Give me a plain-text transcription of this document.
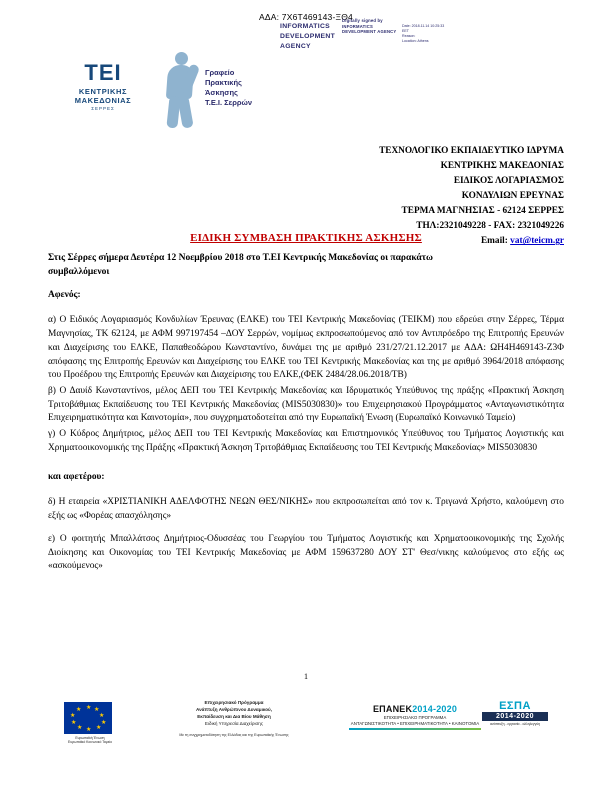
ΑΔΑ: 7Χ6Τ469143-ΞΘ4
ΤΕΙ
ΚΕΝΤΡΙΚΗΣ
ΜΑΚΕΔΟΝΙΑΣ
ΣΕΡΡΕΣ
Γραφείο
Πρακτικής
Άσκησης
Τ.Ε.Ι. Σερρών
INFORMATICS
DEVELOPMENT
AGENCY
Digitally signed by
INFORMATICS
DEVELOPMENT AGENCY
Date: 2018.11.14 10:25:33
EET
Reason:
Location: Athens
ΤΕΧΝΟΛΟΓΙΚΟ ΕΚΠΑΙΔΕΥΤΙΚΟ ΙΔΡΥΜΑ
ΚΕΝΤΡΙΚΗΣ ΜΑΚΕΔΟΝΙΑΣ
ΕΙΔΙΚΟΣ ΛΟΓΑΡΙΑΣΜΟΣ
ΚΟΝΔΥΛΙΩΝ ΕΡΕΥΝΑΣ
ΤΕΡΜΑ ΜΑΓΝΗΣΙΑΣ - 62124 ΣΕΡΡΕΣ
ΤΗΛ:2321049228 - FAX: 2321049226
Email: vat@teicm.gr
ΕΙΔΙΚΗ ΣΥΜΒΑΣΗ ΠΡΑΚΤΙΚΗΣ ΑΣΚΗΣΗΣ
Στις Σέρρες σήμερα Δευτέρα 12 Νοεμβρίου 2018 στο Τ.ΕΙ Κεντρικής Μακεδονίας οι παρακάτω
συμβαλλόμενοι
Αφενός:
α) Ο Ειδικός Λογαριασμός Κονδυλίων Έρευνας (ΕΛΚΕ) του ΤΕΙ Κεντρικής Μακεδονίας (ΤΕΙΚΜ) που εδρεύει στην Σέρρες, Τέρμα Μαγνησίας, ΤΚ 62124, με ΑΦΜ 997197454 –ΔΟΥ Σερρών, νομίμως εκπροσωπούμενος από τον Αντιπρόεδρο της Επιτροπής Ερευνών και Διαχείρισης του ΕΛΚΕ, Παπαθεοδώρου Κωνσταντίνο, δυνάμει της με αριθμό 231/27/21.12.2017 με ΑΔΑ: ΩΗ4Η469143-Ζ3Φ απόφασης της Επιτροπής Ερευνών και Διαχείρισης του ΕΛΚΕ του ΤΕΙ Κεντρικής Μακεδονίας και της με αριθμό 3964/2018 απόφασης του Προέδρου της Επιτροπής Ερευνών και Διαχείρισης του ΕΛΚΕ,(ΦΕΚ 2484/28.06.2018/ΤΒ)
β) Ο Δαυίδ Κωνσταντίνοs, μέλος ΔΕΠ του ΤΕΙ Κεντρικής Μακεδονίας και Ιδρυματικός Υπεύθυνος της πράξης «Πρακτική Άσκηση Τριτοβάθμιας Εκπαίδευσης του ΤΕΙ Κεντρικής Μακεδονίας (MIS5030830)» του Επιχειρησιακού Προγράμματος «Ανταγωνιστικότητα Επιχειρηματικότητα και Καινοτομία», που συγχρηματοδοτείται από την Ευρωπαϊκή Ένωση (Ευρωπαϊκό Κοινωνικό Ταμείο)
γ) Ο Κύδρος Δημήτριος, μέλος ΔΕΠ του ΤΕΙ Κεντρικής Μακεδονίας και Επιστημονικός Υπεύθυνος του Τμήματος Λογιστικής και Χρηματοοικονομικής της Πράξης «Πρακτική Άσκηση Τριτοβάθμιας Εκπαίδευσης του ΤΕΙ Κεντρικής Μακεδονίας» MIS5030830
και αφετέρου:
δ) Η εταιρεία «ΧΡΙΣΤΙΑΝΙΚΗ ΑΔΕΛΦΟΤΗΣ ΝΕΩΝ ΘΕΣ/ΝΙΚΗΣ» που εκπροσωπείται από τον κ. Τριγωνά Χρήστο, καλούμενη στο εξής ως «Φορέας απασχόλησης»
ε) Ο φοιτητής Μπαλλάτσος Δημήτριος-Οδυσσέας του Γεωργίου του Τμήματος Λογιστικής και Χρηματοοικονομικής της Σχολής Διοίκησης και Οικονομίας του ΤΕΙ Κεντρικής Μακεδονίας με ΑΦΜ 159637280 ΔΟΥ ΣΤ' Θεσ/νικης καλούμενος στο εξής ως «ασκούμενος»
1
★ ★
★
★
★
★
★
★
★
★
Ευρωπαϊκή Ένωση
Ευρωπαϊκό Κοινωνικό Ταμείο
Επιχειρησιακό Πρόγραμμα
Ανάπτυξη Ανθρώπινου Δυναμικού,
Εκπαίδευση και Δια Βίου Μάθηση
Ειδική Υπηρεσία Διαχείρισης
Με τη συγχρηματοδότηση της Ελλάδας και της Ευρωπαϊκής Ένωσης
ΕΠΑΝΕΚ2014-2020
ΕΠΙΧΕΙΡΗΣΙΑΚΟ ΠΡΟΓΡΑΜΜΑ
ΑΝΤΑΓΩΝΙΣΤΙΚΟΤΗΤΑ • ΕΠΙΧΕΙΡΗΜΑΤΙΚΟΤΗΤΑ • ΚΑΙΝΟΤΟΜΙΑ
ΕΣΠΑ
2014-2020
ανάπτυξη - εργασία - αλληλεγγύη
